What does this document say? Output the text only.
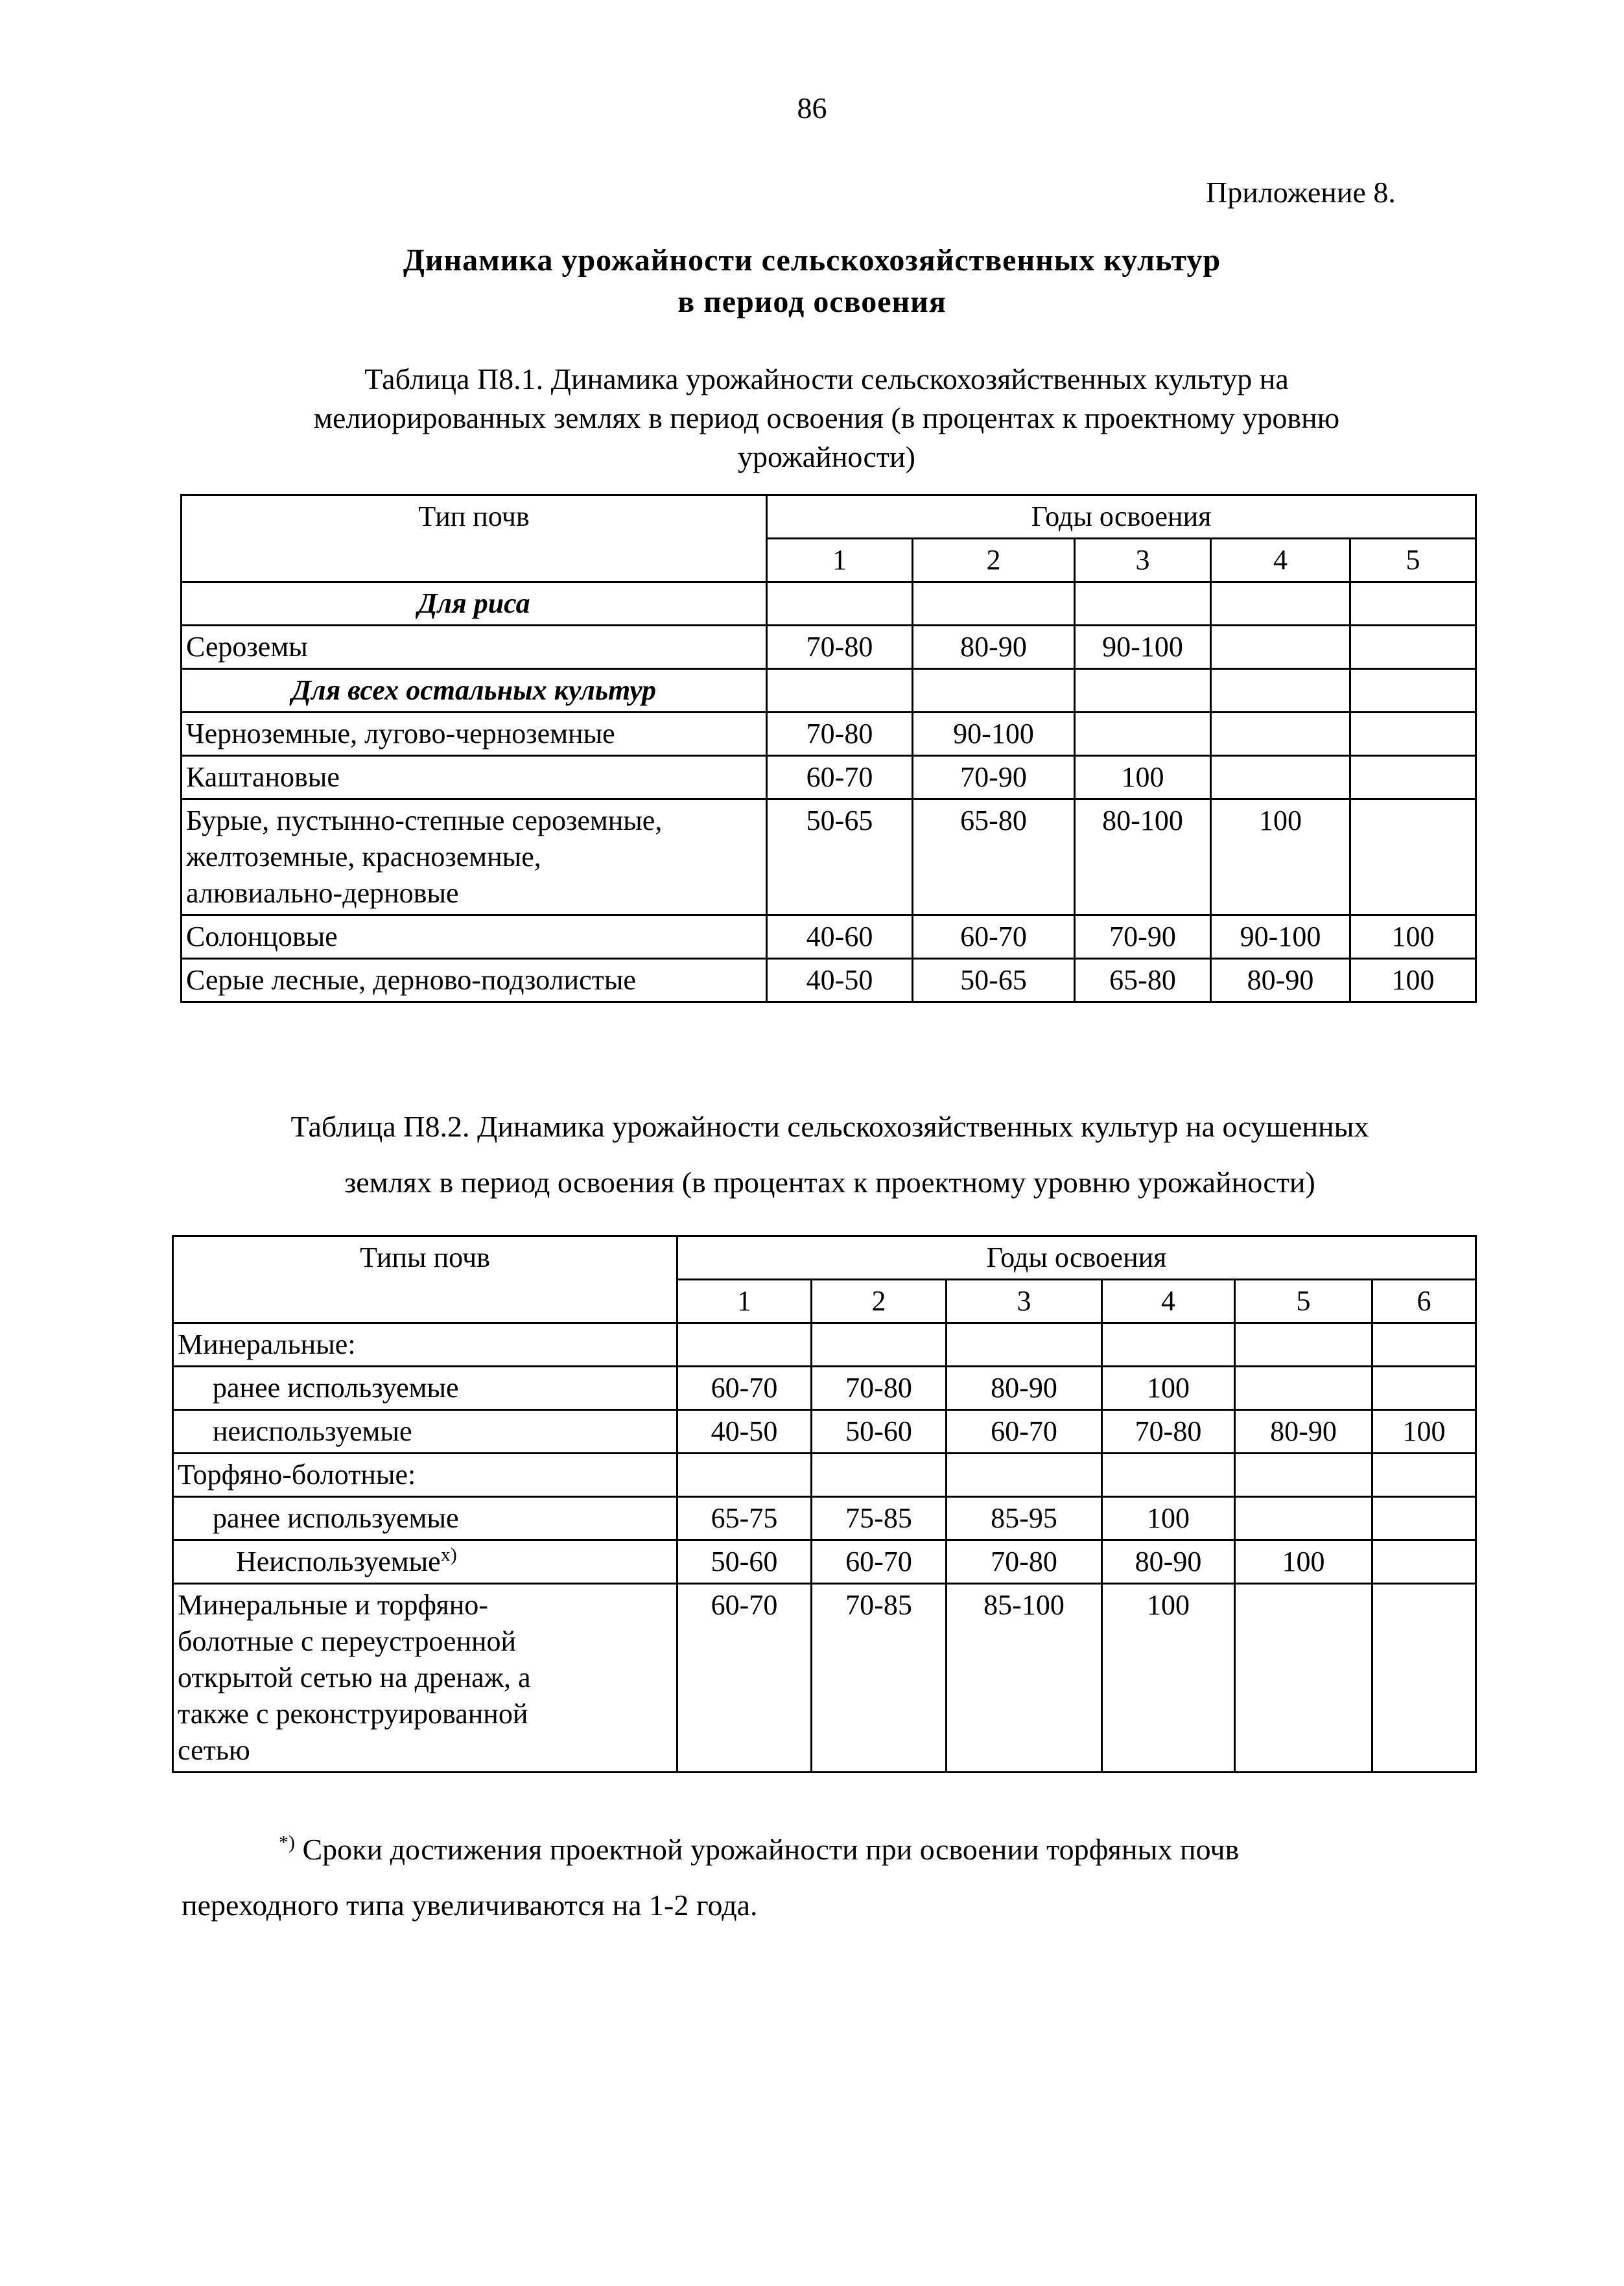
86
Приложение 8.
Динамика урожайности сельскохозяйственных культур
в период освоения
Таблица П8.1. Динамика урожайности сельскохозяйственных культур на
мелиорированных землях в период освоения (в процентах к проектному уровню
урожайности)
Тип почв	Годы освоения				
	1	2	3	4	5
Для риса					
Сероземы	70-80	80-90	90-100		
Для всех остальных культур					
Черноземные, лугово-черноземные	70-80	90-100			
Каштановые	60-70	70-90	100		

Бурые, пустынно-степные сероземные,
желтоземные, красноземные,
алювиально-дерновые	50-65	65-80	80-100	100	
Солонцовые	40-60	60-70	70-90	90-100	100
Серые лесные, дерново-подзолистые	40-50	50-65	65-80	80-90	100
Таблица П8.2. Динамика урожайности сельскохозяйственных культур на осушенных
землях в период освоения (в процентах к проектному уровню урожайности)
Типы почв	Годы освоения					
	1	2	3	4	5	6
Минеральные:						
ранее используемые	60-70	70-80	80-90	100		
неиспользуемые	40-50	50-60	60-70	70-80	80-90	100
Торфяно-болотные:						
ранее используемые	65-75	75-85	85-95	100		
Неиспользуемые$^{х)}$	50-60	60-70	70-80	80-90	100	

Минеральные и торфяно-
болотные с переустроенной
открытой сетью на дренаж, а
также с реконструированной
сетью	60-70	70-85	85-100	100		
*) Сроки достижения проектной урожайности при освоении торфяных почв
переходного типа увеличиваются на 1-2 года.
